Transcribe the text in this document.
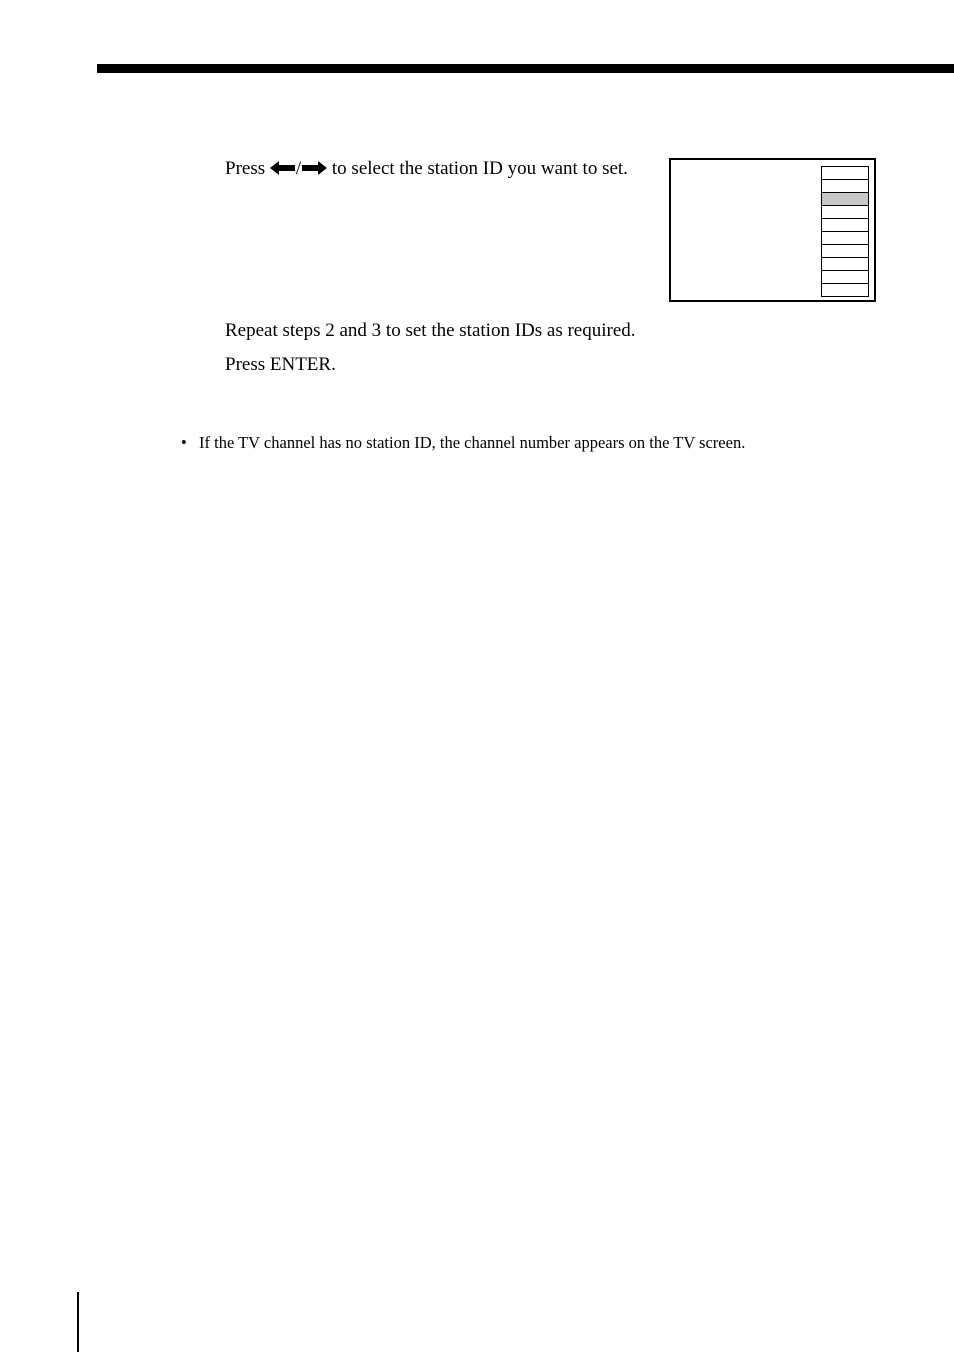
Press / to select the station ID you want to set.

Repeat steps 2 and 3 to set the station IDs as required.

Press ENTER.

• If the TV channel has no station ID, the channel number appears on the TV screen.
